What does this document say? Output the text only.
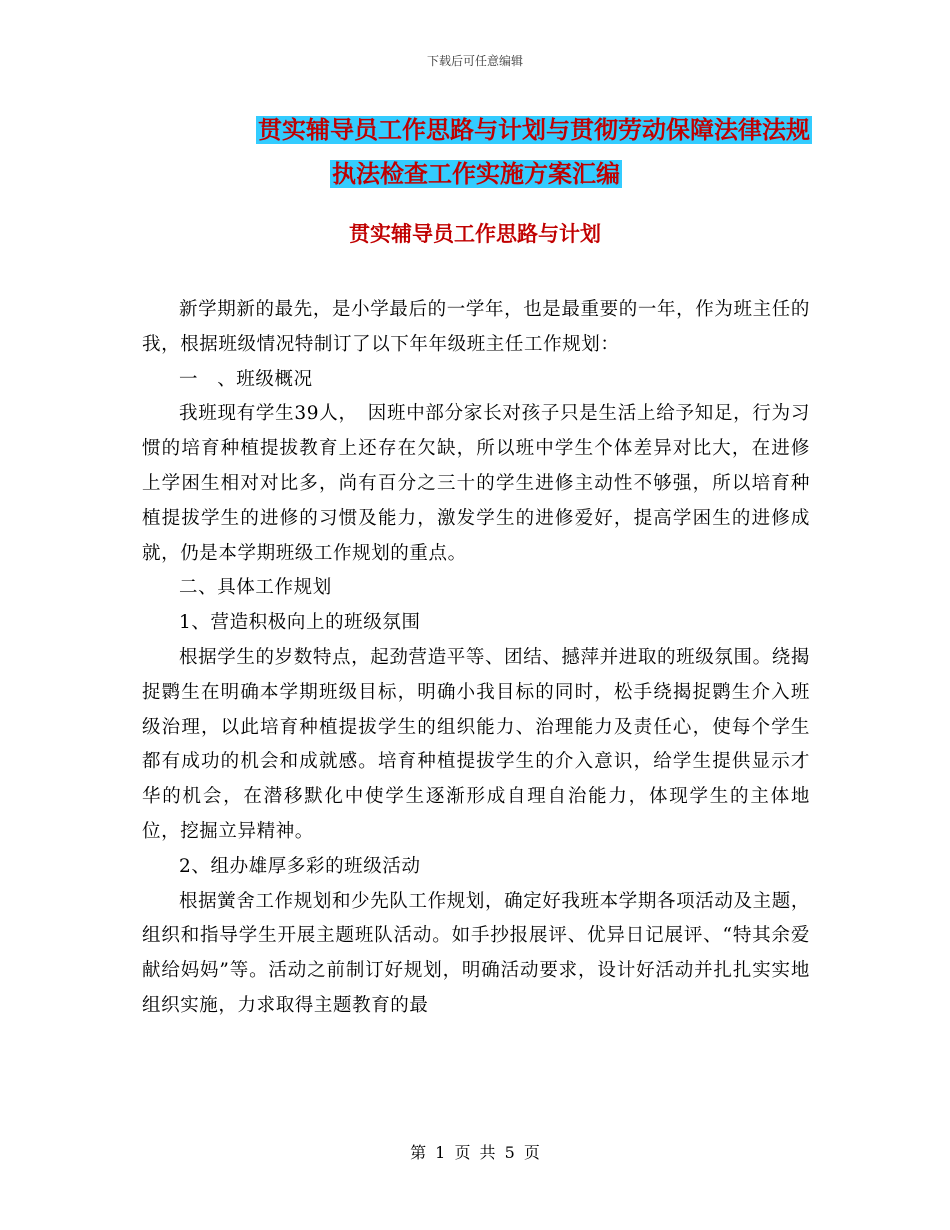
下载后可任意编辑
贯实辅导员工作思路与计划与贯彻劳动保障法律法规
执法检查工作实施方案汇编
贯实辅导员工作思路与计划

新学期新的最先，是小学最后的一学年，也是最重要的一年，作为班主任的我，根据班级情况特制订了以下年年级班主任工作规划：

一　、班级概况

我班现有学生39人，　因班中部分家长对孩子只是生活上给予知足，行为习惯的培育种植提拔教育上还存在欠缺，所以班中学生个体差异对比大，在进修上学困生相对对比多，尚有百分之三十的学生进修主动性不够强，所以培育种植提拔学生的进修的习惯及能力，激发学生的进修爱好，提高学困生的进修成就，仍是本学期班级工作规划的重点。

二、具体工作规划

1、营造积极向上的班级氛围

根据学生的岁数特点，起劲营造平等、团结、撼萍并进取的班级氛围。绕揭捉鹮生在明确本学期班级目标，明确小我目标的同时，松手绕揭捉鹮生介入班级治理，以此培育种植提拔学生的组织能力、治理能力及责任心，使每个学生都有成功的机会和成就感。培育种植提拔学生的介入意识，给学生提供显示才华的机会，在潜移默化中使学生逐渐形成自理自治能力，体现学生的主体地位，挖掘立异精神。

2、组办雄厚多彩的班级活动

根据黉舍工作规划和少先队工作规划，确定好我班本学期各项活动及主题，组织和指导学生开展主题班队活动。如手抄报展评、优异日记展评、“特其余爱献给妈妈”等。活动之前制订好规划，明确活动要求，设计好活动并扎扎实实地组织实施，力求取得主题教育的最

第 1 页 共 5 页
